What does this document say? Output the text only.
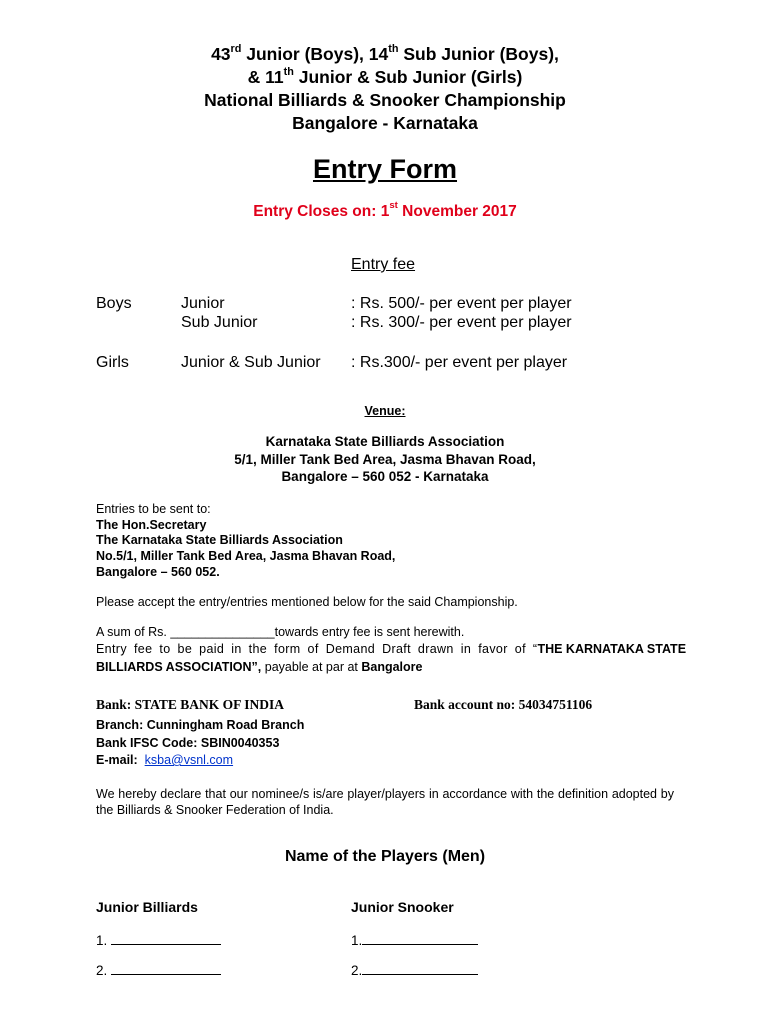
43rd Junior (Boys), 14th Sub Junior (Boys),
& 11th Junior & Sub Junior (Girls)
National Billiards & Snooker Championship
Bangalore - Karnataka
Entry Form
Entry Closes on: 1st November 2017
Entry fee
Boys	Junior	: Rs. 500/- per event per player
Sub Junior	: Rs. 300/- per event per player
Girls	Junior & Sub Junior : Rs.300/- per event per player
Venue:
Karnataka State Billiards Association
5/1, Miller Tank Bed Area, Jasma Bhavan Road,
Bangalore – 560 052 - Karnataka
Entries to be sent to:
The Hon.Secretary
The Karnataka State Billiards Association
No.5/1, Miller Tank Bed Area, Jasma Bhavan Road,
Bangalore – 560 052.
Please accept the entry/entries mentioned below for the said Championship.
A sum of Rs. _______________towards entry fee is sent herewith.
Entry fee to be paid in the form of Demand Draft drawn in favor of “THE KARNATAKA STATE
BILLIARDS ASSOCIATION”, payable at par at Bangalore
Bank: STATE BANK OF INDIA	Bank account no: 54034751106
Branch: Cunningham Road Branch
Bank IFSC Code: SBIN0040353
E-mail: ksba@vsnl.com
We hereby declare that our nominee/s is/are player/players in accordance with the definition adopted by the Billiards & Snooker Federation of India.
Name of the Players (Men)
Junior Billiards	Junior Snooker
1.	1.
2.	2.
